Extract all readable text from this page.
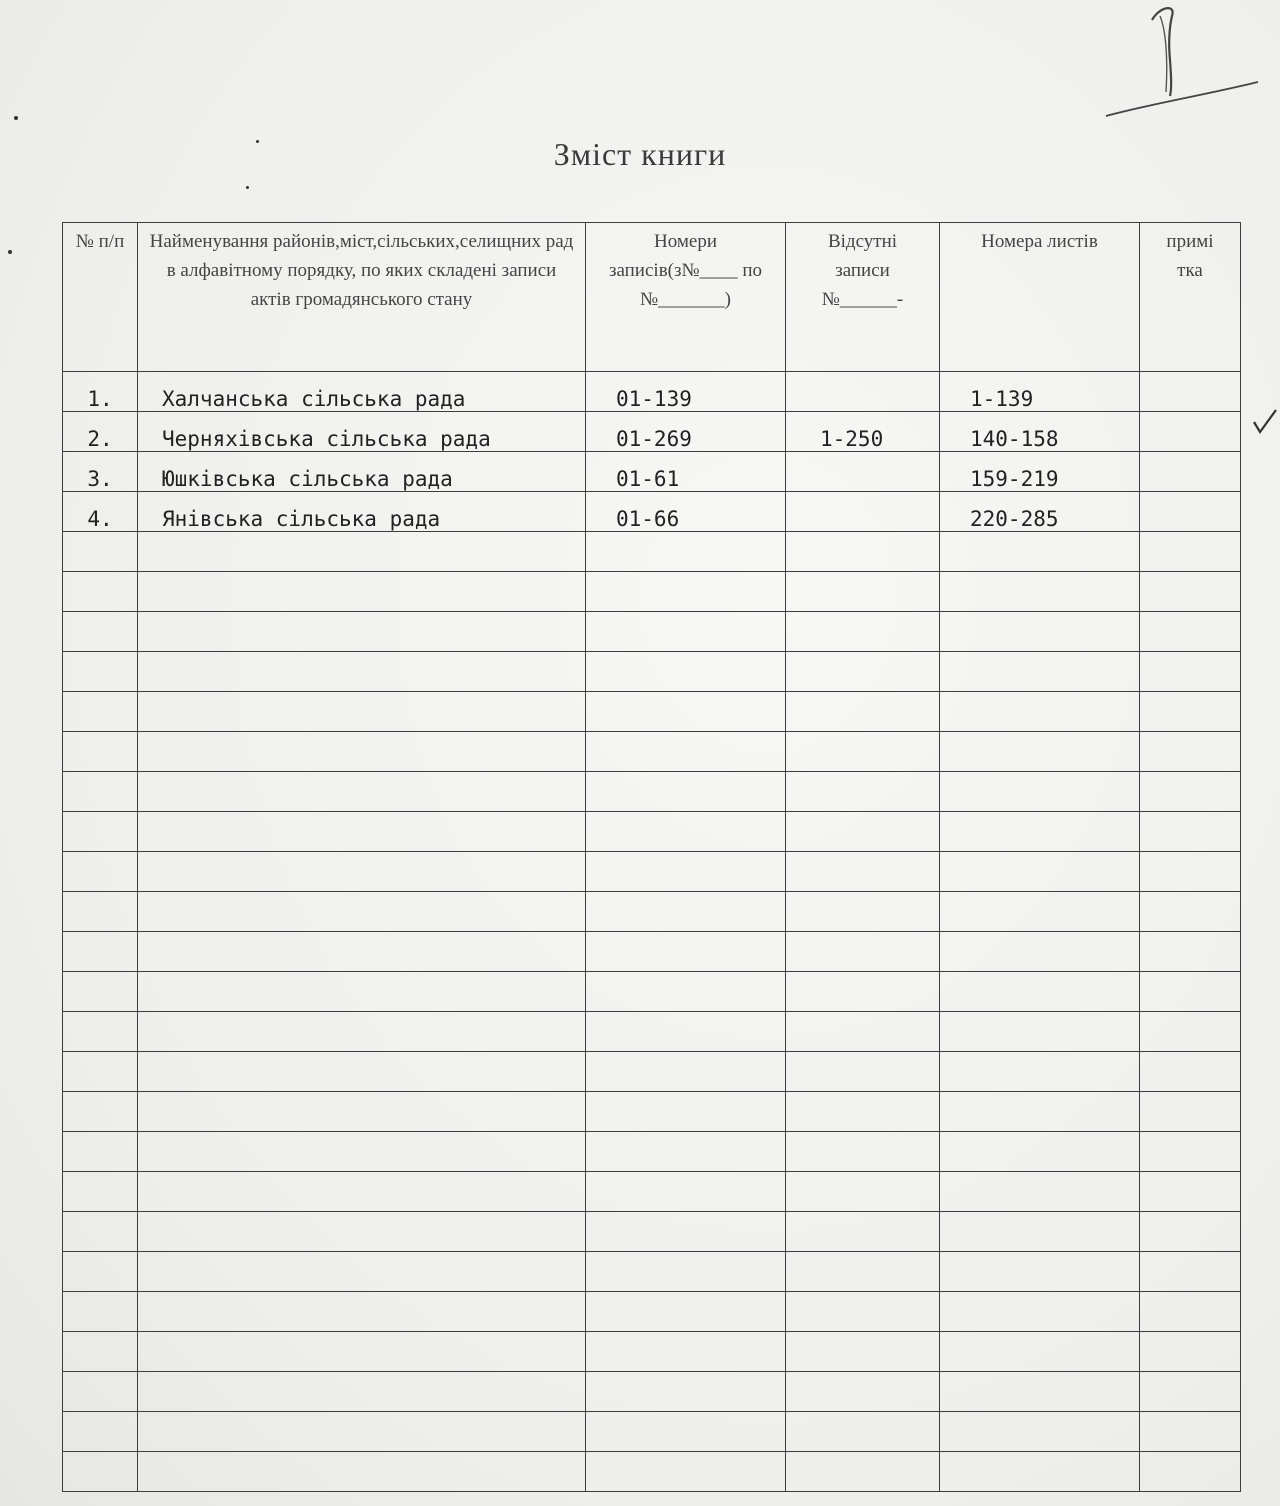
Зміст книги
№ п/п	Найменування районів,міст,сільських,селищних рад в алфавітному порядку, по яких складені записи актів громадянського стану	Номери записів(з№____ по №_______)	Відсутні записи №______-	Номера листів	примі тка
1.	Халчанська сільська рада	01-139		1-139	
2.	Черняхівська сільська рада	01-269	1-250	140-158	
3.	Юшківська сільська рада	01-61		159-219	
4.	Янівська сільська рада	01-66		220-285	
